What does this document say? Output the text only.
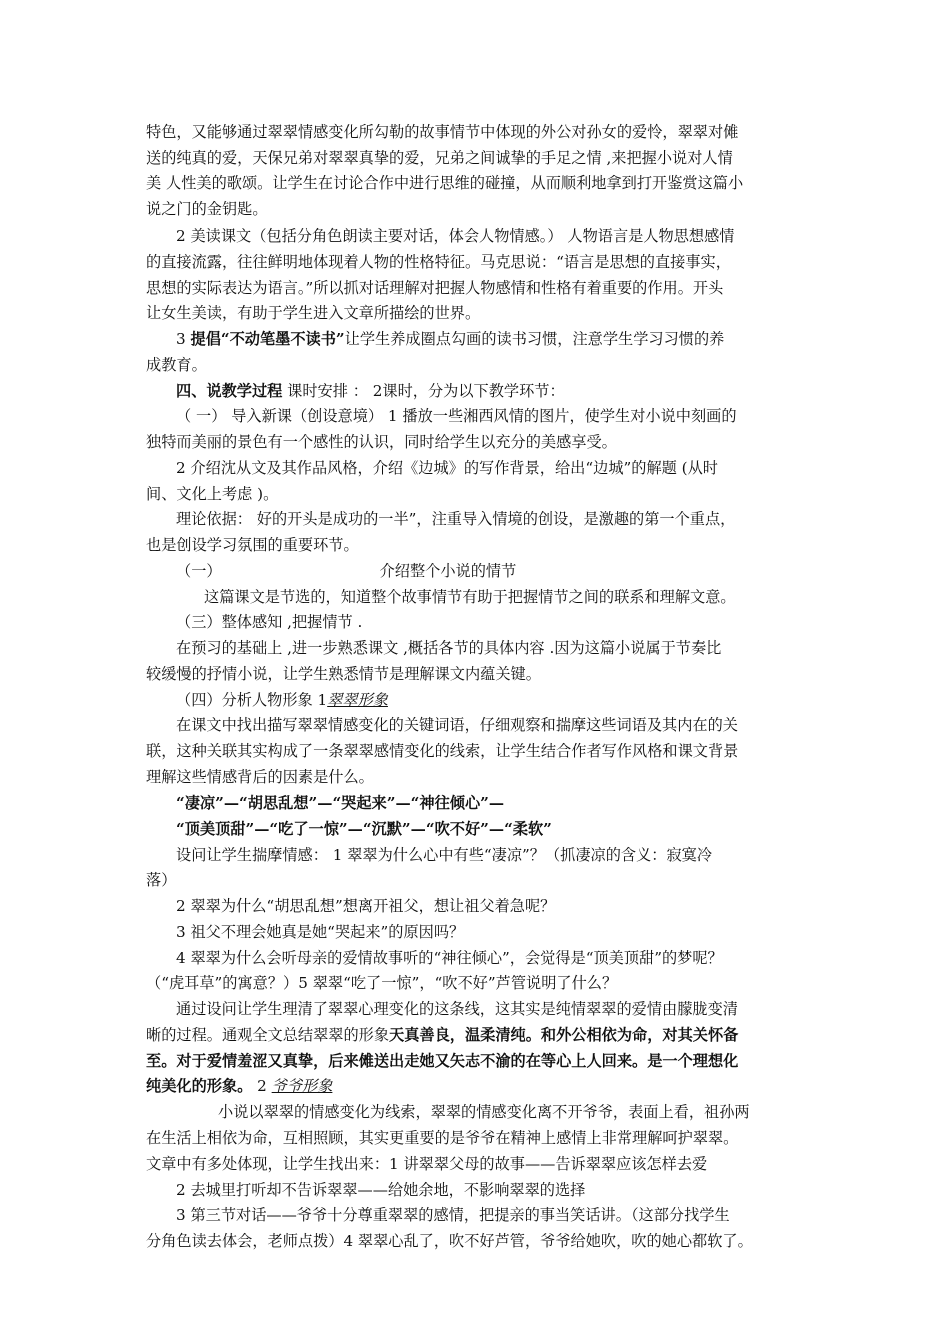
特色，又能够通过翠翠情感变化所勾勒的故事情节中体现的外公对孙女的爱怜，翠翠对傩
送的纯真的爱，天保兄弟对翠翠真挚的爱，兄弟之间诚挚的手足之情 ,来把握小说对人情
美 人性美的歌颂。让学生在讨论合作中进行思维的碰撞，从而顺利地拿到打开鉴赏这篇小
说之门的金钥匙。
2 美读课文（包括分角色朗读主要对话，体会人物情感。） 人物语言是人物思想感情
的直接流露，往往鲜明地体现着人物的性格特征。马克思说：“语言是思想的直接事实，
思想的实际表达为语言。”所以抓对话理解对把握人物感情和性格有着重要的作用。开头
让女生美读，有助于学生进入文章所描绘的世界。
3 提倡“不动笔墨不读书”让学生养成圈点勾画的读书习惯，注意学生学习习惯的养
成教育。
四、说教学过程 课时安排 ： 2课时，分为以下教学环节：
（ 一） 导入新课（创设意境） 1 播放一些湘西风情的图片，使学生对小说中刻画的
独特而美丽的景色有一个感性的认识，同时给学生以充分的美感享受。
2 介绍沈从文及其作品风格，介绍《边城》的写作背景，给出“边城”的解题 (从时
间、文化上考虑 )。
理论依据： 好的开头是成功的一半”，注重导入情境的创设，是激趣的第一个重点，
也是创设学习氛围的重要环节。
（一）	介绍整个小说的情节
这篇课文是节选的，知道整个故事情节有助于把握情节之间的联系和理解文意。
（三）整体感知 ,把握情节 .
在预习的基础上 ,进一步熟悉课文 ,概括各节的具体内容 .因为这篇小说属于节奏比
较缓慢的抒情小说，让学生熟悉情节是理解课文内蕴关键。
（四）分析人物形象 1翠翠形象
在课文中找出描写翠翠情感变化的关键词语，仔细观察和揣摩这些词语及其内在的关
联，这种关联其实构成了一条翠翠感情变化的线索，让学生结合作者写作风格和课文背景
理解这些情感背后的因素是什么。
“凄凉”—“胡思乱想”—“哭起来”—“神往倾心”—
“顶美顶甜”—“吃了一惊”—“沉默”—“吹不好”—“柔软”
设问让学生揣摩情感： 1 翠翠为什么心中有些“凄凉”？（抓凄凉的含义：寂寞冷
落）
2 翠翠为什么“胡思乱想”想离开祖父，想让祖父着急呢？
3 祖父不理会她真是她“哭起来”的原因吗？
4 翠翠为什么会听母亲的爱情故事听的“神往倾心”，会觉得是“顶美顶甜”的梦呢？
（“虎耳草”的寓意？）5 翠翠“吃了一惊”，“吹不好”芦管说明了什么？
通过设问让学生理清了翠翠心理变化的这条线，这其实是纯情翠翠的爱情由朦胧变清
晰的过程。通观全文总结翠翠的形象天真善良，温柔清纯。和外公相依为命，对其关怀备
至。对于爱情羞涩又真挚，后来傩送出走她又矢志不渝的在等心上人回来。是一个理想化
纯美化的形象。 2 爷爷形象
小说以翠翠的情感变化为线索，翠翠的情感变化离不开爷爷，表面上看，祖孙两
在生活上相依为命，互相照顾，其实更重要的是爷爷在精神上感情上非常理解呵护翠翠。
文章中有多处体现，让学生找出来：1 讲翠翠父母的故事——告诉翠翠应该怎样去爱
2 去城里打听却不告诉翠翠——给她余地，不影响翠翠的选择
3 第三节对话——爷爷十分尊重翠翠的感情，把提亲的事当笑话讲。（这部分找学生
分角色读去体会，老师点拨）4 翠翠心乱了，吹不好芦管，爷爷给她吹，吹的她心都软了。
